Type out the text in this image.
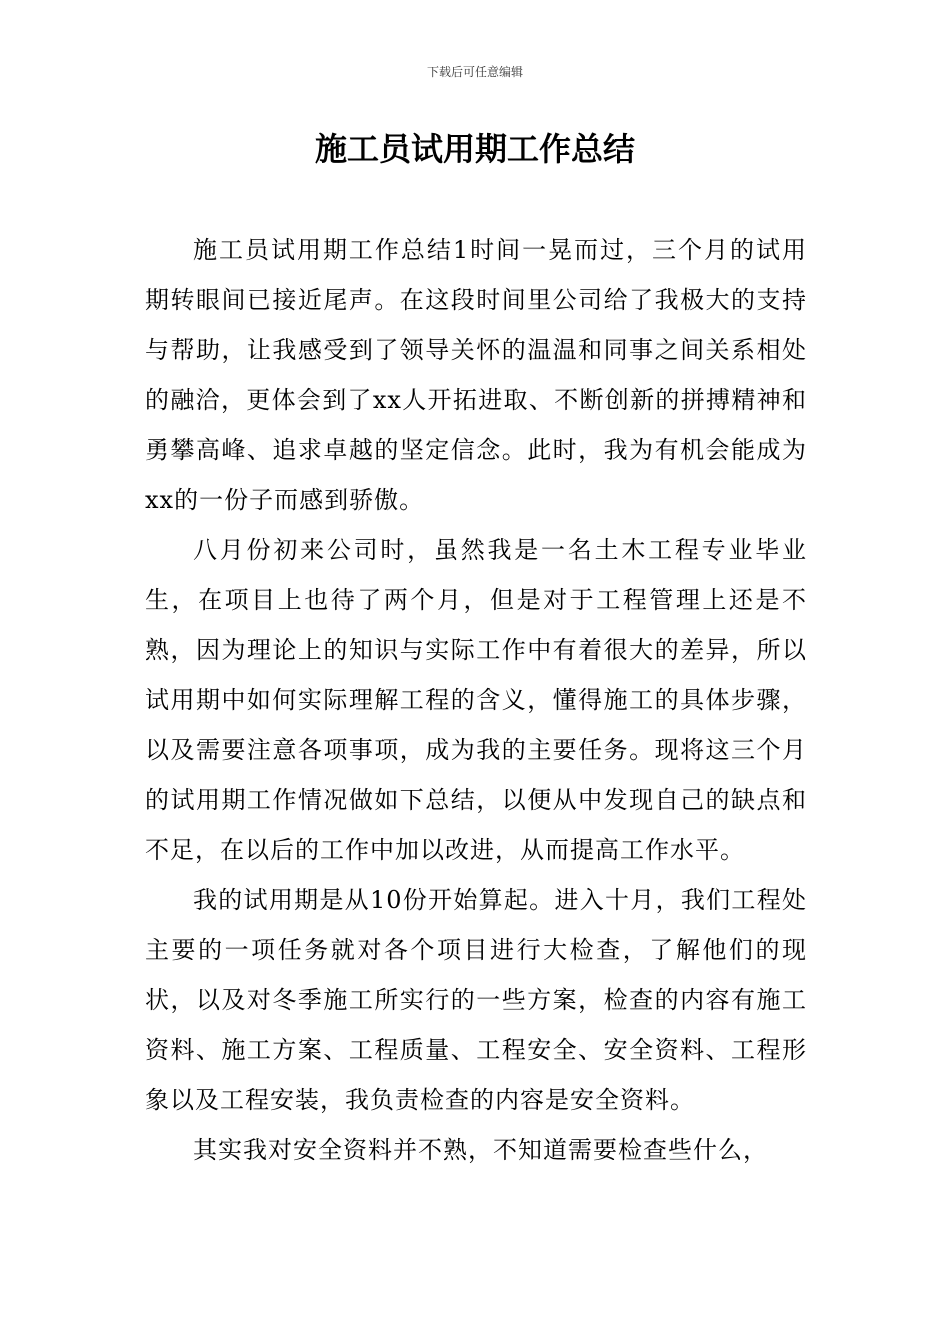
下载后可任意编辑
施工员试用期工作总结

施工员试用期工作总结1时间一晃而过，三个月的试用期转眼间已接近尾声。在这段时间里公司给了我极大的支持与帮助，让我感受到了领导关怀的温温和同事之间关系相处的融洽，更体会到了xx人开拓进取、不断创新的拼搏精神和勇攀高峰、追求卓越的坚定信念。此时，我为有机会能成为xx的一份子而感到骄傲。

八月份初来公司时，虽然我是一名土木工程专业毕业生，在项目上也待了两个月，但是对于工程管理上还是不熟，因为理论上的知识与实际工作中有着很大的差异，所以试用期中如何实际理解工程的含义，懂得施工的具体步骤，以及需要注意各项事项，成为我的主要任务。现将这三个月的试用期工作情况做如下总结，以便从中发现自己的缺点和不足，在以后的工作中加以改进，从而提高工作水平。

我的试用期是从10份开始算起。进入十月，我们工程处主要的一项任务就对各个项目进行大检查，了解他们的现状，以及对冬季施工所实行的一些方案，检查的内容有施工资料、施工方案、工程质量、工程安全、安全资料、工程形象以及工程安装，我负责检查的内容是安全资料。

其实我对安全资料并不熟，不知道需要检查些什么，
